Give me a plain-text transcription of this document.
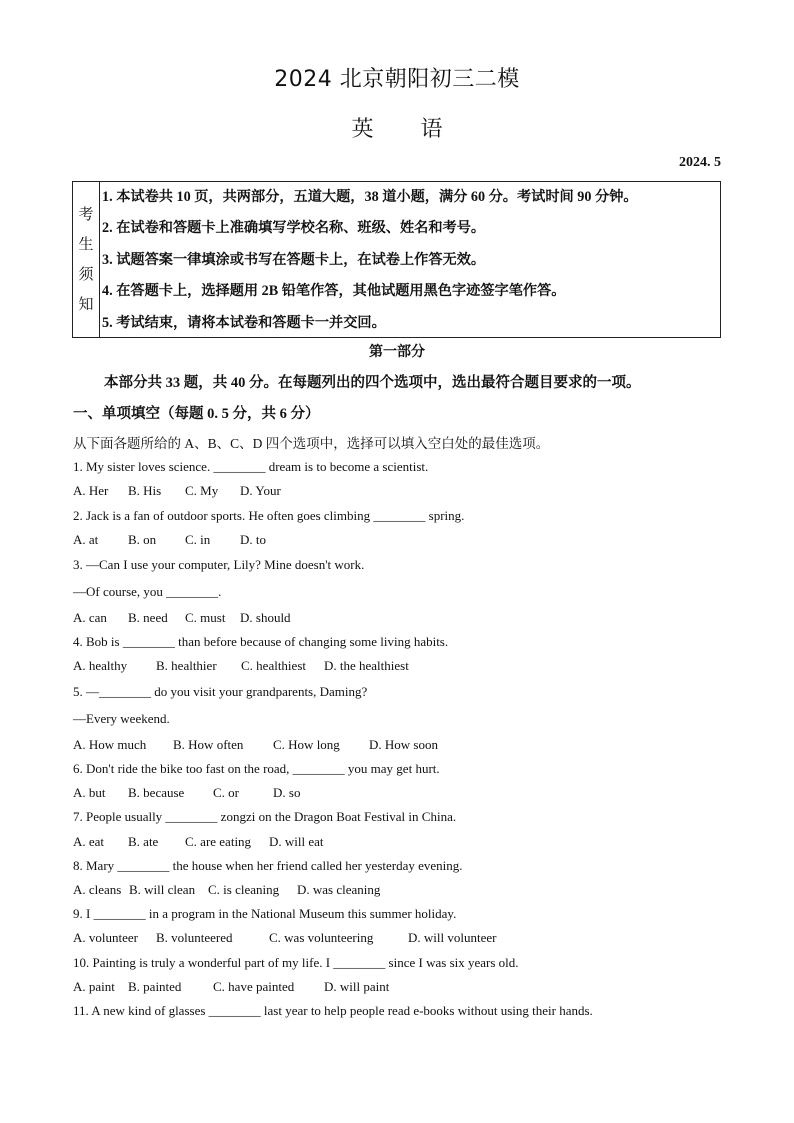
2024 北京朝阳初三二模
英 语
2024. 5
考
生
须
知
1. 本试卷共 10 页，共两部分，五道大题，38 道小题，满分 60 分。考试时间 90 分钟。
2. 在试卷和答题卡上准确填写学校名称、班级、姓名和考号。
3. 试题答案一律填涂或书写在答题卡上，在试卷上作答无效。
4. 在答题卡上，选择题用 2B 铅笔作答，其他试题用黑色字迹签字笔作答。
5. 考试结束，请将本试卷和答题卡一并交回。
第一部分
本部分共 33 题，共 40 分。在每题列出的四个选项中，选出最符合题目要求的一项。
一、单项填空（每题 0. 5 分，共 6 分）
从下面各题所给的 A、B、C、D 四个选项中，选择可以填入空白处的最佳选项。
1. My sister loves science. ________ dream is to become a scientist.
A. Her B. His C. My D. Your
2. Jack is a fan of outdoor sports. He often goes climbing ________ spring.
A. at B. on C. in D. to
3. —Can I use your computer, Lily? Mine doesn't work.
—Of course, you ________.
A. can B. need C. must D. should
4. Bob is ________ than before because of changing some living habits.
A. healthy B. healthier C. healthiest D. the healthiest
5. —________ do you visit your grandparents, Daming?
—Every weekend.
A. How much B. How often C. How long D. How soon
6. Don't ride the bike too fast on the road, ________ you may get hurt.
A. but B. because C. or	D. so
7. People usually ________ zongzi on the Dragon Boat Festival in China.
A. eat B. ate C. are eating D. will eat
8. Mary ________ the house when her friend called her yesterday evening.
A. cleans B. will clean C. is cleaning D. was cleaning
9. I ________ in a program in the National Museum this summer holiday.
A. volunteer B. volunteered	C. was volunteering	D. will volunteer
10. Painting is truly a wonderful part of my life. I ________ since I was six years old.
A. paint B. painted C. have painted D. will paint
11. A new kind of glasses ________ last year to help people read e-books without using their hands.
